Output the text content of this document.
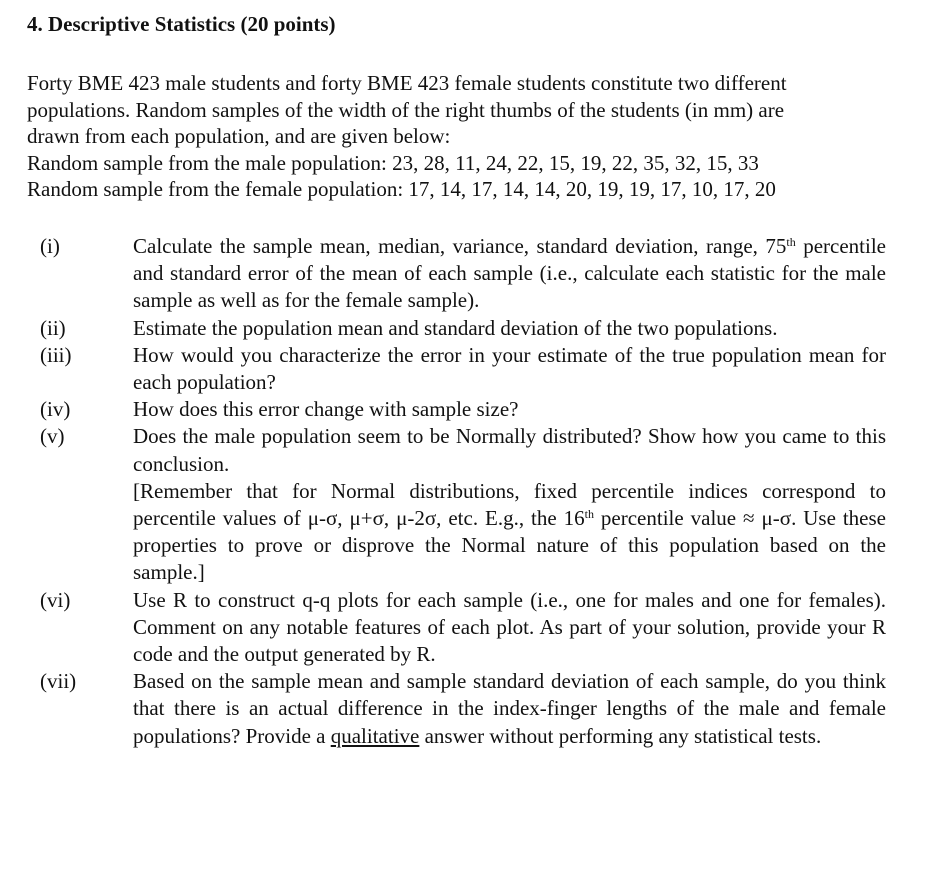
4. Descriptive Statistics (20 points)
Forty BME 423 male students and forty BME 423 female students constitute two different
populations. Random samples of the width of the right thumbs of the students (in mm) are
drawn from each population, and are given below:
Random sample from the male population: 23, 28, 11, 24, 22, 15, 19, 22, 35, 32, 15, 33
Random sample from the female population: 17, 14, 17, 14, 14, 20, 19, 19, 17, 10, 17, 20
(i)	Calculate the sample mean, median, variance, standard deviation, range, 75th percentile and standard error of the mean of each sample (i.e., calculate each statistic for the male sample as well as for the female sample).
(ii)	Estimate the population mean and standard deviation of the two populations.
(iii)	How would you characterize the error in your estimate of the true population mean for each population?
(iv)	How does this error change with sample size?
(v)	Does the male population seem to be Normally distributed? Show how you came to this conclusion.
[Remember that for Normal distributions, fixed percentile indices correspond to percentile values of μ-σ, μ+σ, μ-2σ, etc. E.g., the 16th percentile value ≈ μ-σ. Use these properties to prove or disprove the Normal nature of this population based on the sample.]
(vi)	Use R to construct q-q plots for each sample (i.e., one for males and one for females). Comment on any notable features of each plot. As part of your solution, provide your R code and the output generated by R.
(vii)	Based on the sample mean and sample standard deviation of each sample, do you think that there is an actual difference in the index-finger lengths of the male and female populations? Provide a qualitative answer without performing any statistical tests.
